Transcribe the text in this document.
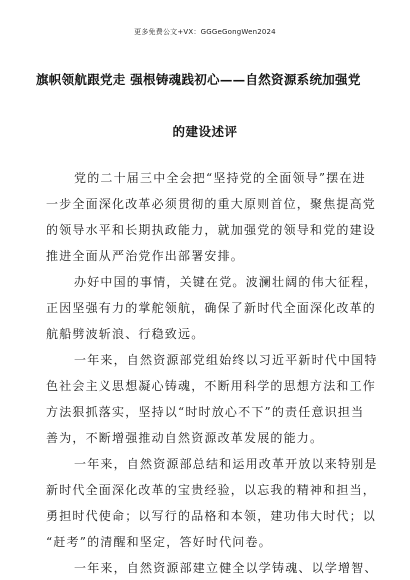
更多免费公文+VX：GGGeGongWen2024
旗帜领航跟党走 强根铸魂践初心——自然资源系统加强党
的建设述评
党的二十届三中全会把“坚持党的全面领导”摆在进
一步全面深化改革必须贯彻的重大原则首位，聚焦提高党
的领导水平和长期执政能力，就加强党的领导和党的建设
推进全面从严治党作出部署安排。
办好中国的事情，关键在党。波澜壮阔的伟大征程，
正因坚强有力的掌舵领航，确保了新时代全面深化改革的
航船劈波斩浪、行稳致远。
一年来，自然资源部党组始终以习近平新时代中国特
色社会主义思想凝心铸魂，不断用科学的思想方法和工作
方法狠抓落实，坚持以“时时放心不下”的责任意识担当
善为，不断增强推动自然资源改革发展的能力。
一年来，自然资源部总结和运用改革开放以来特别是
新时代全面深化改革的宝贵经验，以忘我的精神和担当，
勇担时代使命；以写行的品格和本领，建功伟大时代；以
“赶考”的清醒和坚定，答好时代问卷。
一年来，自然资源部建立健全以学铸魂、以学增智、
